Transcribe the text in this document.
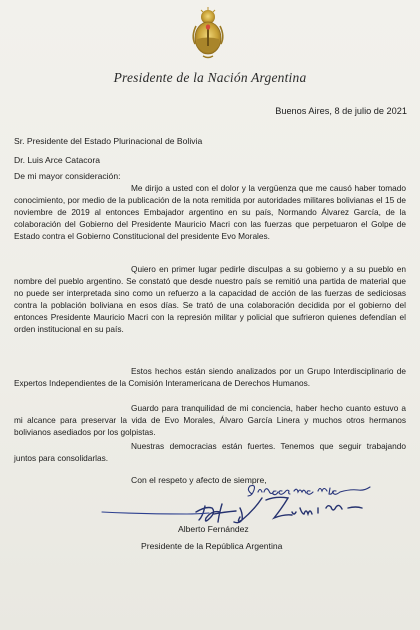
Presidente de la Nación Argentina
Buenos Aires, 8 de julio de 2021
Sr. Presidente del Estado Plurinacional de Bolivia
Dr. Luis Arce Catacora
De mi mayor consideración:

Me dirijo a usted con el dolor y la vergüenza que me causó haber tomado conocimiento, por medio de la publicación de la nota remitida por autoridades militares bolivianas el 15 de noviembre de 2019 al entonces Embajador argentino en su país, Normando Álvarez García, de la colaboración del Gobierno del Presidente Mauricio Macri con las fuerzas que perpetuaron el Golpe de Estado contra el Gobierno Constitucional del presidente Evo Morales.

Quiero en primer lugar pedirle disculpas a su gobierno y a su pueblo en nombre del pueblo argentino. Se constató que desde nuestro país se remitió una partida de material que no puede ser interpretada sino como un refuerzo a la capacidad de acción de las fuerzas de sediciosas contra la población boliviana en esos días. Se trató de una colaboración decidida por el gobierno del entonces Presidente Mauricio Macri con la represión militar y policial que sufrieron quienes defendían el orden institucional en su país.

Estos hechos están siendo analizados por un Grupo Interdisciplinario de Expertos Independientes de la Comisión Interamericana de Derechos Humanos.

Guardo para tranquilidad de mi conciencia, haber hecho cuanto estuvo a mi alcance para preservar la vida de Evo Morales, Álvaro García Linera y muchos otros hermanos bolivianos asediados por los golpistas.

Nuestras democracias están fuertes. Tenemos que seguir trabajando juntos para consolidarlas.

Con el respeto y afecto de siempre,
Alberto Fernández
Presidente de la República Argentina
